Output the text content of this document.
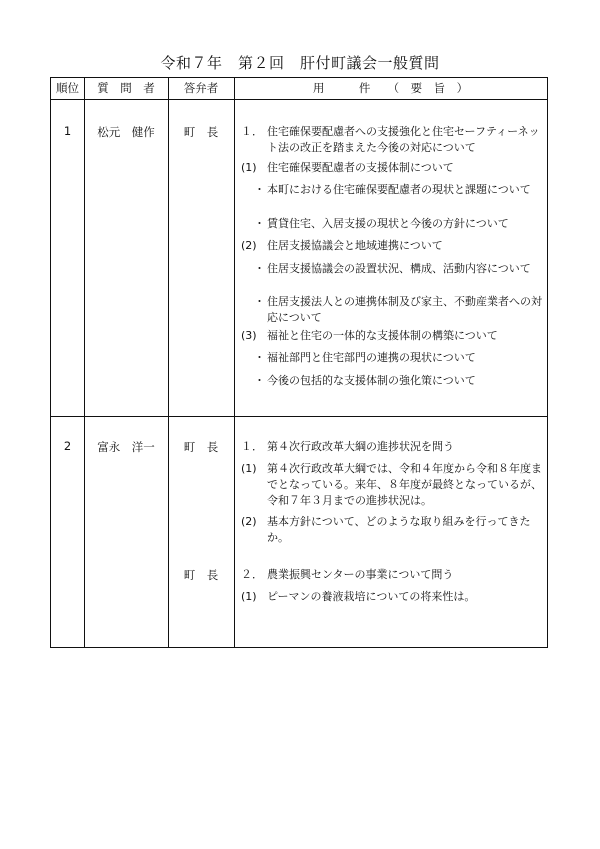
令和７年　第２回　肝付町議会一般質問
順位	質　問　者	答弁者	用　　　件　　（　要　旨　）
1	松元　健作	町　長	１． 住宅確保要配慮者への支援強化と住宅セーフティーネット法の改正を踏まえた今後の対応について
(1) 住宅確保要配慮者の支援体制について
・ 本町における住宅確保要配慮者の現状と課題について
・ 賃貸住宅、入居支援の現状と今後の方針について
(2) 住居支援協議会と地域連携について
・ 住居支援協議会の設置状況、構成、活動内容について
・ 住居支援法人との連携体制及び家主、不動産業者への対応について
(3) 福祉と住宅の一体的な支援体制の構築について
・ 福祉部門と住宅部門の連携の現状について
・ 今後の包括的な支援体制の強化策について
2	富永　洋一	町　長	１． 第４次行政改革大綱の進捗状況を問う
(1) 第４次行政改革大綱では、令和４年度から令和８年度までとなっている。来年、８年度が最終となっているが、令和７年３月までの進捗状況は。
(2) 基本方針について、どのような取り組みを行ってきたか。
町　長	２． 農業振興センターの事業について問う
(1) ピーマンの養液栽培についての将来性は。
